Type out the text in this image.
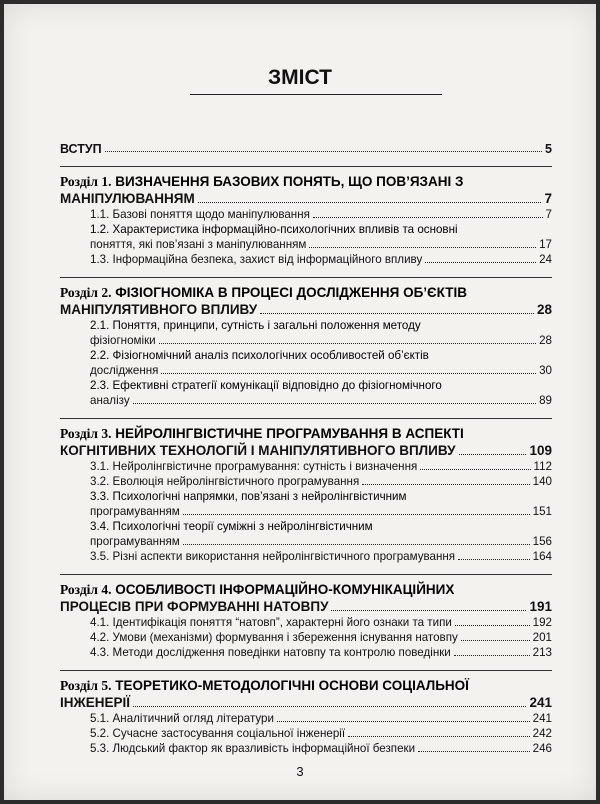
ЗМІСТ
ВСТУП	5
Розділ 1. ВИЗНАЧЕННЯ БАЗОВИХ ПОНЯТЬ, ЩО ПОВ’ЯЗАНІ З
МАНІПУЛЮВАННЯМ	7
1.1. Базові поняття щодо маніпулювання	7
1.2. Характеристика інформаційно-психологічних впливів та основні
поняття, які пов’язані з маніпулюванням	17
1.3. Інформаційна безпека, захист від інформаційного впливу	24
Розділ 2. ФІЗІОГНОМІКА В ПРОЦЕСІ ДОСЛІДЖЕННЯ ОБ’ЄКТІВ
МАНІПУЛЯТИВНОГО ВПЛИВУ	28
2.1. Поняття, принципи, сутність і загальні положення методу
фізіогноміки	28
2.2. Фізіогномічний аналіз психологічних особливостей об’єктів
дослідження	30
2.3. Ефективні стратегії комунікації відповідно до фізіогномічного
аналізу	89
Розділ 3. НЕЙРОЛІНГВІСТИЧНЕ ПРОГРАМУВАННЯ В АСПЕКТІ
КОГНІТИВНИХ ТЕХНОЛОГІЙ І МАНІПУЛЯТИВНОГО ВПЛИВУ	109
3.1. Нейролінгвістичне програмування: сутність і визначення	112
3.2. Еволюція нейролінгвістичного програмування	140
3.3. Психологічні напрямки, пов’язані з нейролінгвістичним
програмуванням	151
3.4. Психологічні теорії суміжні з нейролінгвістичним
програмуванням	156
3.5. Різні аспекти використання нейролінгвістичного програмування	164
Розділ 4. ОСОБЛИВОСТІ ІНФОРМАЦІЙНО-КОМУНІКАЦІЙНИХ
ПРОЦЕСІВ ПРИ ФОРМУВАННІ НАТОВПУ	191
4.1. Ідентифікація поняття “натовп”, характерні його ознаки та типи	192
4.2. Умови (механізми) формування і збереження існування натовпу	201
4.3. Методи дослідження поведінки натовпу та контролю поведінки	213
Розділ 5. ТЕОРЕТИКО-МЕТОДОЛОГІЧНІ ОСНОВИ СОЦІАЛЬНОЇ
ІНЖЕНЕРІЇ	241
5.1. Аналітичний огляд літератури	241
5.2. Сучасне застосування соціальної інженерії	242
5.3. Людський фактор як вразливість інформаційної безпеки	246
3
